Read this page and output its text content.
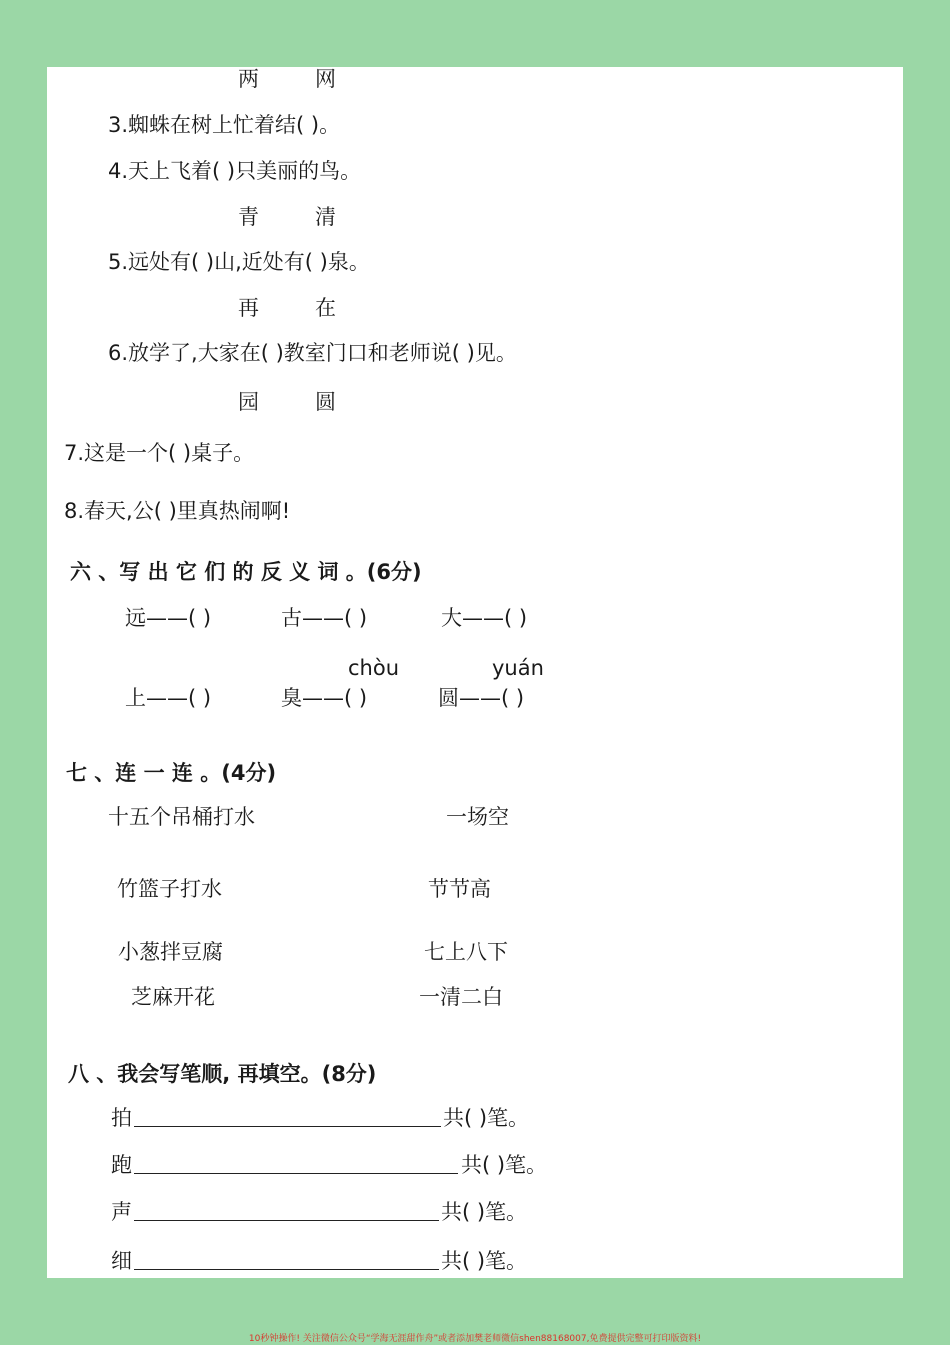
两	网
3.蜘蛛在树上忙着结( )。
4.天上飞着( )只美丽的鸟。
青	清
5.远处有( )山,近处有( )泉。
再	在
6.放学了,大家在( )教室门口和老师说( )见。
园	圆
7.这是一个( )桌子。
8.春天,公( )里真热闹啊!
六 、写 出 它 们 的 反 义 词 。(6分)
远——( )	古——( )	大——( )
chòu	yuán
上——( )	臭——( )	圆——( )
七 、连 一 连 。(4分)
十五个吊桶打水	一场空
竹篮子打水	节节高
小葱拌豆腐	七上八下
芝麻开花	一清二白
八 、我会写笔顺, 再填空。(8分)
拍	共( )笔。
跑	共( )笔。
声	共( )笔。
细	共( )笔。
10秒钟操作! 关注微信公众号“学海无涯甜作舟”或者添加樊老师微信shen88168007,免费提供完整可打印版资料!
